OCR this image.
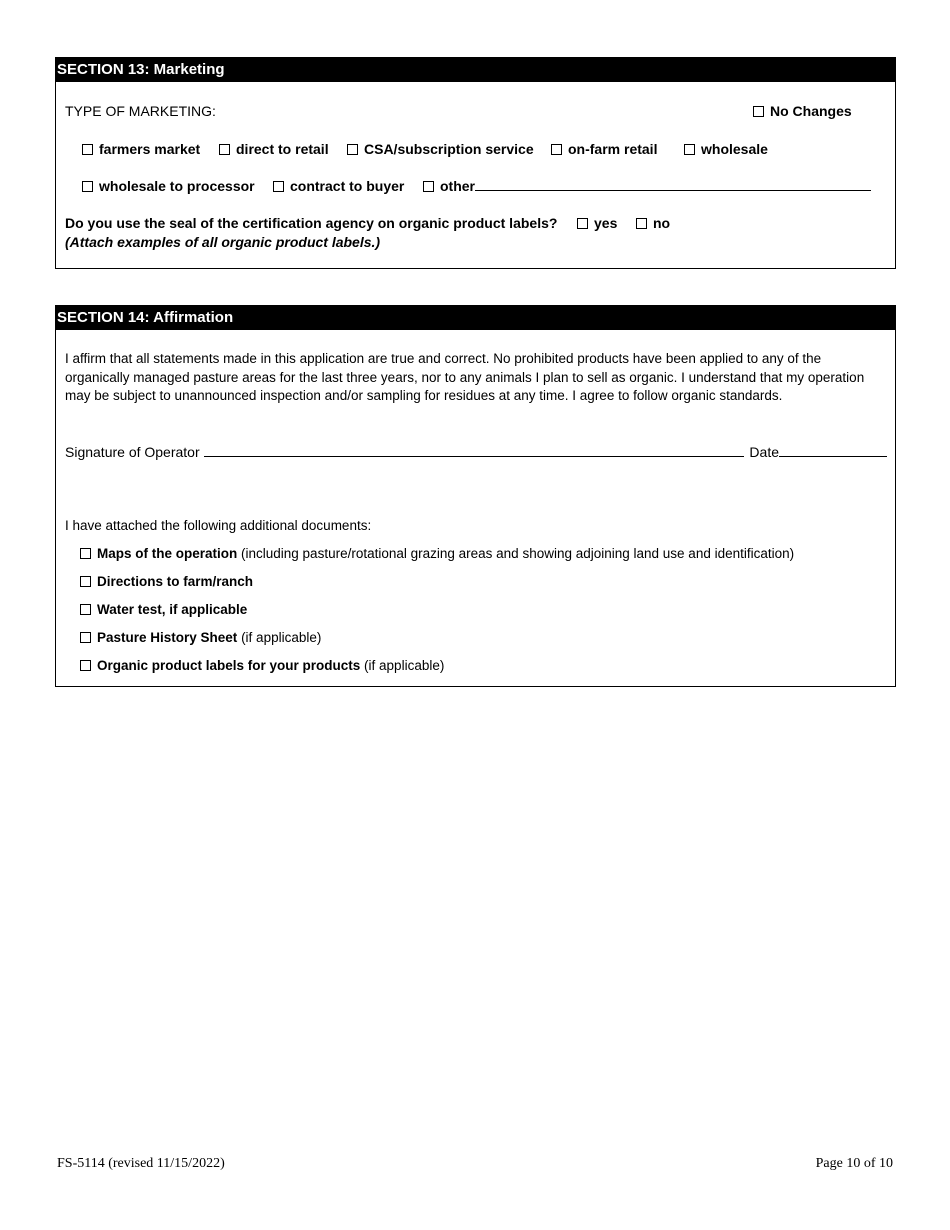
SECTION 13: Marketing
TYPE OF MARKETING:	No Changes
farmers market	direct to retail	CSA/subscription service	on-farm retail	wholesale
wholesale to processor	contract to buyer	other
Do you use the seal of the certification agency on organic product labels?	yes	no
(Attach examples of all organic product labels.)
SECTION 14: Affirmation
I affirm that all statements made in this application are true and correct. No prohibited products have been applied to any of the organically managed pasture areas for the last three years, nor to any animals I plan to sell as organic. I understand that my operation may be subject to unannounced inspection and/or sampling for residues at any time. I agree to follow organic standards.
Signature of Operator	Date
I have attached the following additional documents:
Maps of the operation (including pasture/rotational grazing areas and showing adjoining land use and identification)
Directions to farm/ranch
Water test, if applicable
Pasture History Sheet (if applicable)
Organic product labels for your products (if applicable)
FS-5114 (revised 11/15/2022)	Page 10 of 10
